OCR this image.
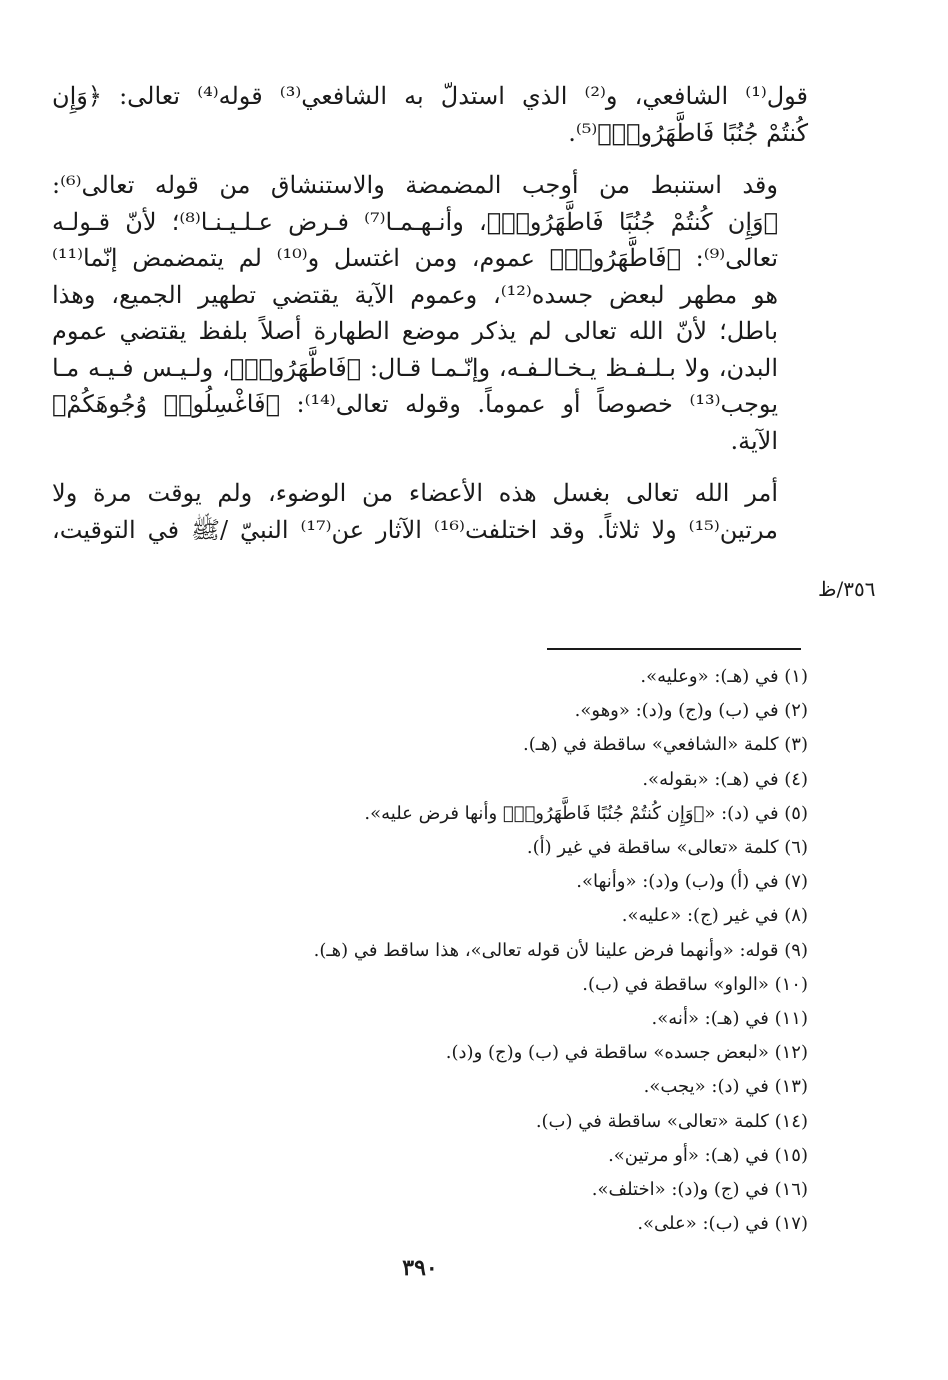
قول⁽¹⁾ الشافعي، و⁽²⁾ الذي استدلّ به الشافعي⁽³⁾ قوله⁽⁴⁾ تعالى: ﴿وَإِن
كُنتُمْ جُنُبًا فَاطَّهَرُوا۟﴾⁽⁵⁾.

وقد استنبط من أوجب المضمضة والاستنشاق من قوله تعالى⁽⁶⁾:
﴿وَإِن كُنتُمْ جُنُبًا فَاطَّهَرُوا۟﴾، وأنـهـمـا⁽⁷⁾ فـرض عـلـيـنـا⁽⁸⁾؛ لأنّ قـولـه
تعالى⁽⁹⁾: ﴿فَاطَّهَرُوا۟﴾ عموم، ومن اغتسل و⁽¹⁰⁾ لم يتمضمض إنّما⁽¹¹⁾
هو مطهر لبعض جسده⁽¹²⁾، وعموم الآية يقتضي تطهير الجميع، وهذا
باطل؛ لأنّ الله تعالى لم يذكر موضع الطهارة أصلاً بلفظ يقتضي عموم
البدن، ولا بـلـفـظ يـخـالـفـه، وإنّـمـا قـال: ﴿فَاطَّهَرُوا۟﴾، ولـيـس فـيـه مـا
يوجب⁽¹³⁾ خصوصاً أو عموماً. وقوله تعالى⁽¹⁴⁾: ﴿فَاغْسِلُوا۟ وُجُوهَكُمْ﴾
الآية.

أمر الله تعالى بغسل هذه الأعضاء من الوضوء، ولم يوقت مرة ولا
مرتين⁽¹⁵⁾ ولا ثلاثاً. وقد اختلفت⁽¹⁶⁾ الآثار عن⁽¹⁷⁾ النبيّ /ﷺ في التوقيت،

٣٥٦/ظ
(١) في (هـ): «وعليه».
(٢) في (ب) و(ج) و(د): «وهو».
(٣) كلمة «الشافعي» ساقطة في (هـ).
(٤) في (هـ): «بقوله».
(٥) في (د): «﴿وَإِن كُنتُمْ جُنُبًا فَاطَّهَرُوا۟﴾ وأنها فرض عليه».
(٦) كلمة «تعالى» ساقطة في غير (أ).
(٧) في (أ) و(ب) و(د): «وأنها».
(٨) في غير (ج): «عليه».
(٩) قوله: «وأنهما فرض علينا لأن قوله تعالى»، هذا ساقط في (هـ).
(١٠) «الواو» ساقطة في (ب).
(١١) في (هـ): «أنه».
(١٢) «لبعض جسده» ساقطة في (ب) و(ج) و(د).
(١٣) في (د): «يجب».
(١٤) كلمة «تعالى» ساقطة في (ب).
(١٥) في (هـ): «أو مرتين».
(١٦) في (ج) و(د): «اختلف».
(١٧) في (ب): «على».
٣٩٠
